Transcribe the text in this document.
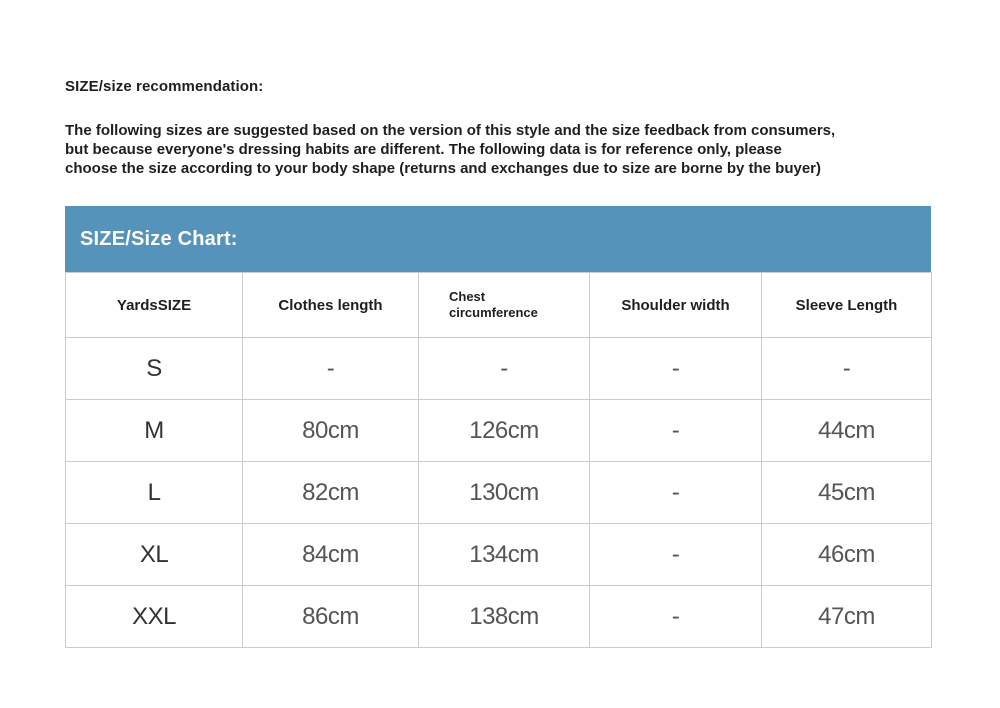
SIZE/size recommendation:
The following sizes are suggested based on the version of this style and the size feedback from consumers,
but because everyone's dressing habits are different. The following data is for reference only, please
choose the size according to your body shape (returns and exchanges due to size are borne by the buyer)
SIZE/Size Chart:
YardsSIZE	Clothes length	Chest circumference	Shoulder width	Sleeve Length
S	-	-	-	-
M	80cm	126cm	-	44cm
L	82cm	130cm	-	45cm
XL	84cm	134cm	-	46cm
XXL	86cm	138cm	-	47cm
